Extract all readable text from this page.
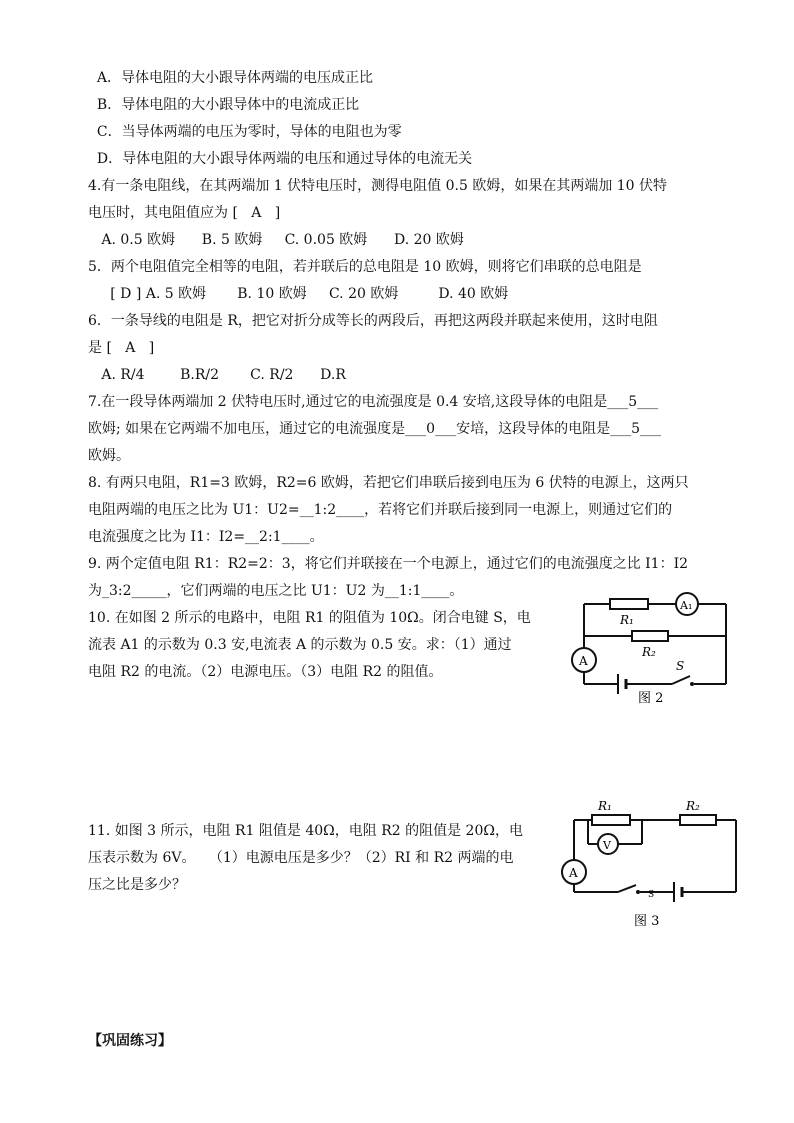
A．导体电阻的大小跟导体两端的电压成正比
B．导体电阻的大小跟导体中的电流成正比
C．当导体两端的电压为零时，导体的电阻也为零
D．导体电阻的大小跟导体两端的电压和通过导体的电流无关
4.有一条电阻线，在其两端加 1 伏特电压时，测得电阻值 0.5 欧姆，如果在其两端加 10 伏特
电压时，其电阻值应为 [   A   ]
A. 0.5 欧姆      B. 5 欧姆     C. 0.05 欧姆      D. 20 欧姆
5．两个电阻值完全相等的电阻，若并联后的总电阻是 10 欧姆，则将它们串联的总电阻是
[ D ] A. 5 欧姆       B. 10 欧姆     C. 20 欧姆         D. 40 欧姆
6．一条导线的电阻是 R，把它对折分成等长的两段后，再把这两段并联起来使用，这时电阻
是 [   A   ]
A. R/4        B.R/2       C. R/2      D.R
7.在一段导体两端加 2 伏特电压时,通过它的电流强度是 0.4 安培,这段导体的电阻是___5___
欧姆; 如果在它两端不加电压，通过它的电流强度是___0___安培，这段导体的电阻是___5___
欧姆。
8. 有两只电阻，R1=3 欧姆，R2=6 欧姆，若把它们串联后接到电压为 6 伏特的电源上，这两只
电阻两端的电压之比为 U1：U2=__1:2____，若将它们并联后接到同一电源上，则通过它们的
电流强度之比为 I1：I2=__2:1____。
9. 两个定值电阻 R1：R2=2：3，将它们并联接在一个电源上，通过它们的电流强度之比 I1：I2
为_3:2_____，它们两端的电压之比 U1：U2 为__1:1____。
10. 在如图 2 所示的电路中，电阻 R1 的阻值为 10Ω。闭合电键 S，电
流表 A1 的示数为 0.3 安,电流表 A 的示数为 0.5 安。求：（1）通过
电阻 R2 的电流。（2）电源电压。（3）电阻 R2 的阻值。
11. 如图 3 所示，电阻 R1 阻值是 40Ω，电阻 R2 的阻值是 20Ω，电
压表示数为 6V。   （1）电源电压是多少？（2）RI 和 R2 两端的电
压之比是多少？
R₁
R₂
A₁
A	S
图 2
R₁	R₂
V
A
S
图 3
【巩固练习】
